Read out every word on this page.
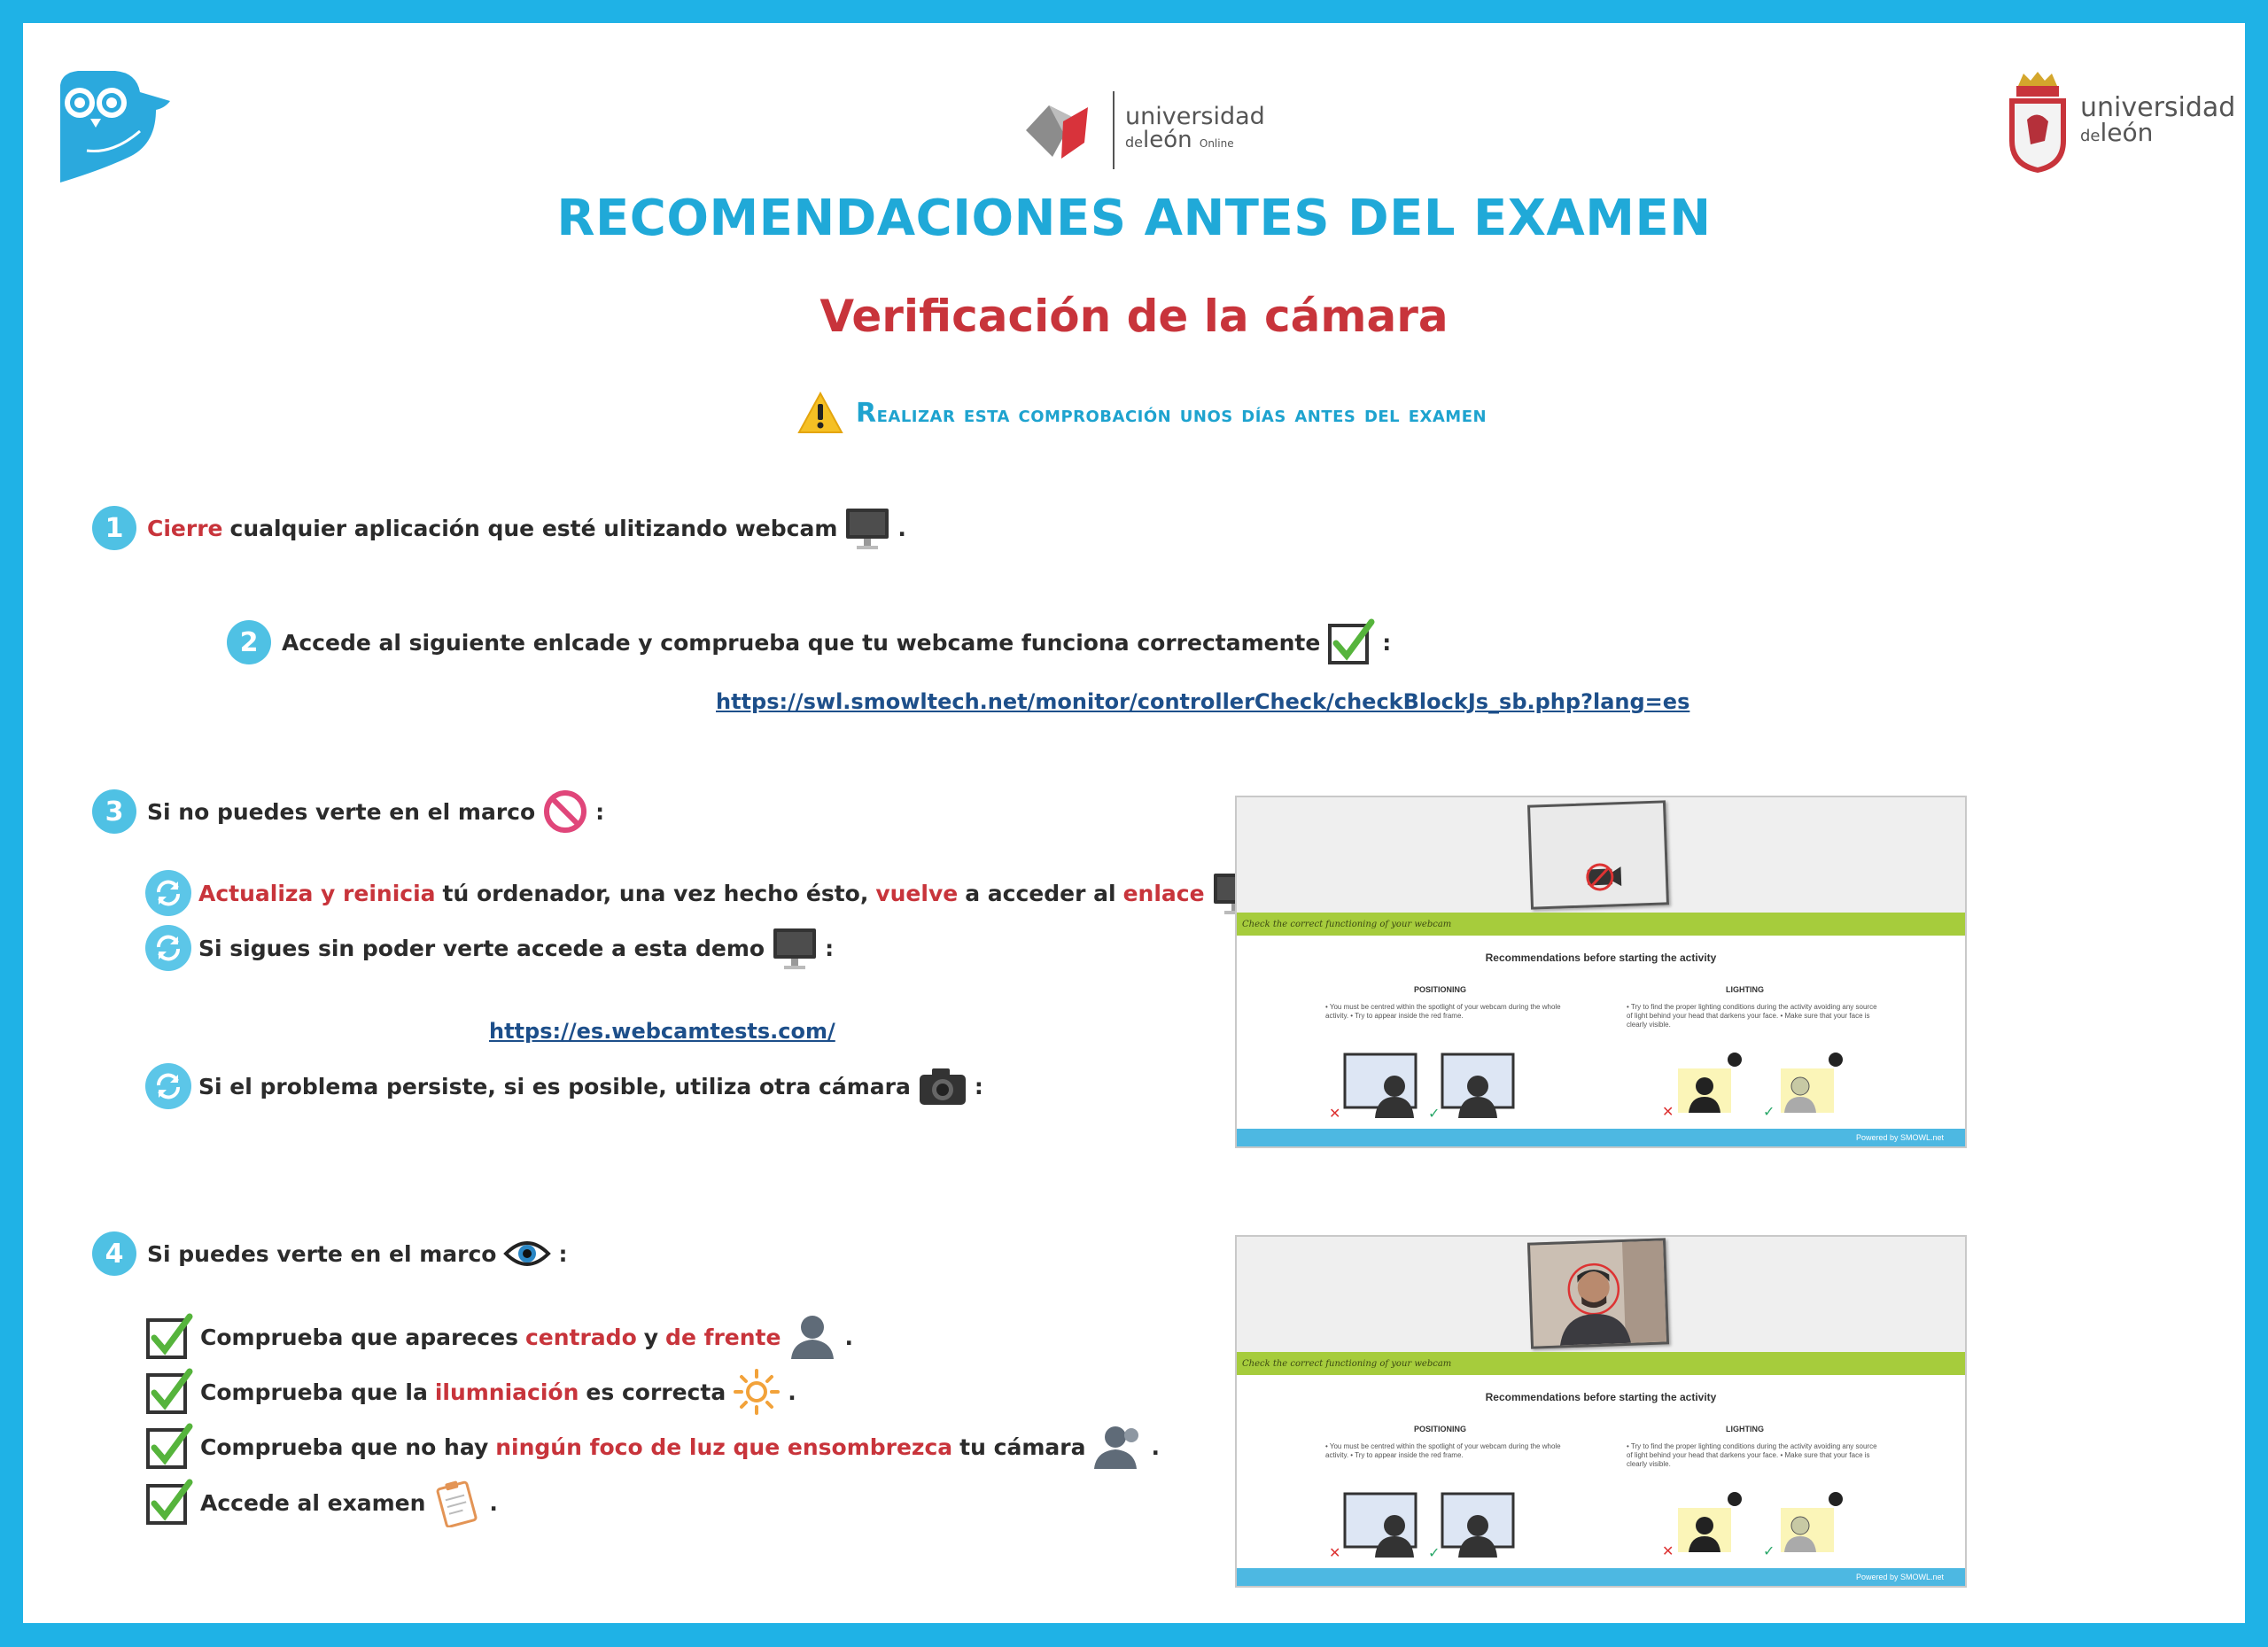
universidad
deleón Online
universidad
deleón
RECOMENDACIONES ANTES DEL EXAMEN
Verificación de la cámara
Realizar esta comprobación unos días antes del examen
1	Cierre cualquier aplicación que esté ulitizando webcam	.
2	Accede al siguiente enlcade y comprueba que tu webcame funciona correctamente	:
https://swl.smowltech.net/monitor/controllerCheck/checkBlockJs_sb.php?lang=es
3	Si no puedes verte en el marco	:
Actualiza y reinicia tú ordenador, una vez hecho ésto, vuelve a acceder al enlace
Si sigues sin poder verte accede a esta demo	:
https://es.webcamtests.com/
Si el problema persiste, si es posible, utiliza otra cámara	:
4	Si puedes verte en el marco	:
Comprueba que apareces centrado y de frente	.
Comprueba que la ilumniación es correcta	.
Comprueba que no hay ningún foco de luz que ensombrezca tu cámara	.
Accede al examen	.
Check the correct functioning of your webcam
Recommendations before starting the activity
POSITIONING	LIGHTING
• You must be centred within the spotlight of your webcam during the whole activity. • Try to appear inside the red frame.
• Try to find the proper lighting conditions during the activity avoiding any source of light behind your head that darkens your face. • Make sure that your face is clearly visible.
✕	✓	✕	✓
Powered by SMOWL.net
Check the correct functioning of your webcam
Recommendations before starting the activity
POSITIONING	LIGHTING
• You must be centred within the spotlight of your webcam during the whole activity. • Try to appear inside the red frame.
• Try to find the proper lighting conditions during the activity avoiding any source of light behind your head that darkens your face. • Make sure that your face is clearly visible.
✕	✓	✕	✓
Powered by SMOWL.net
